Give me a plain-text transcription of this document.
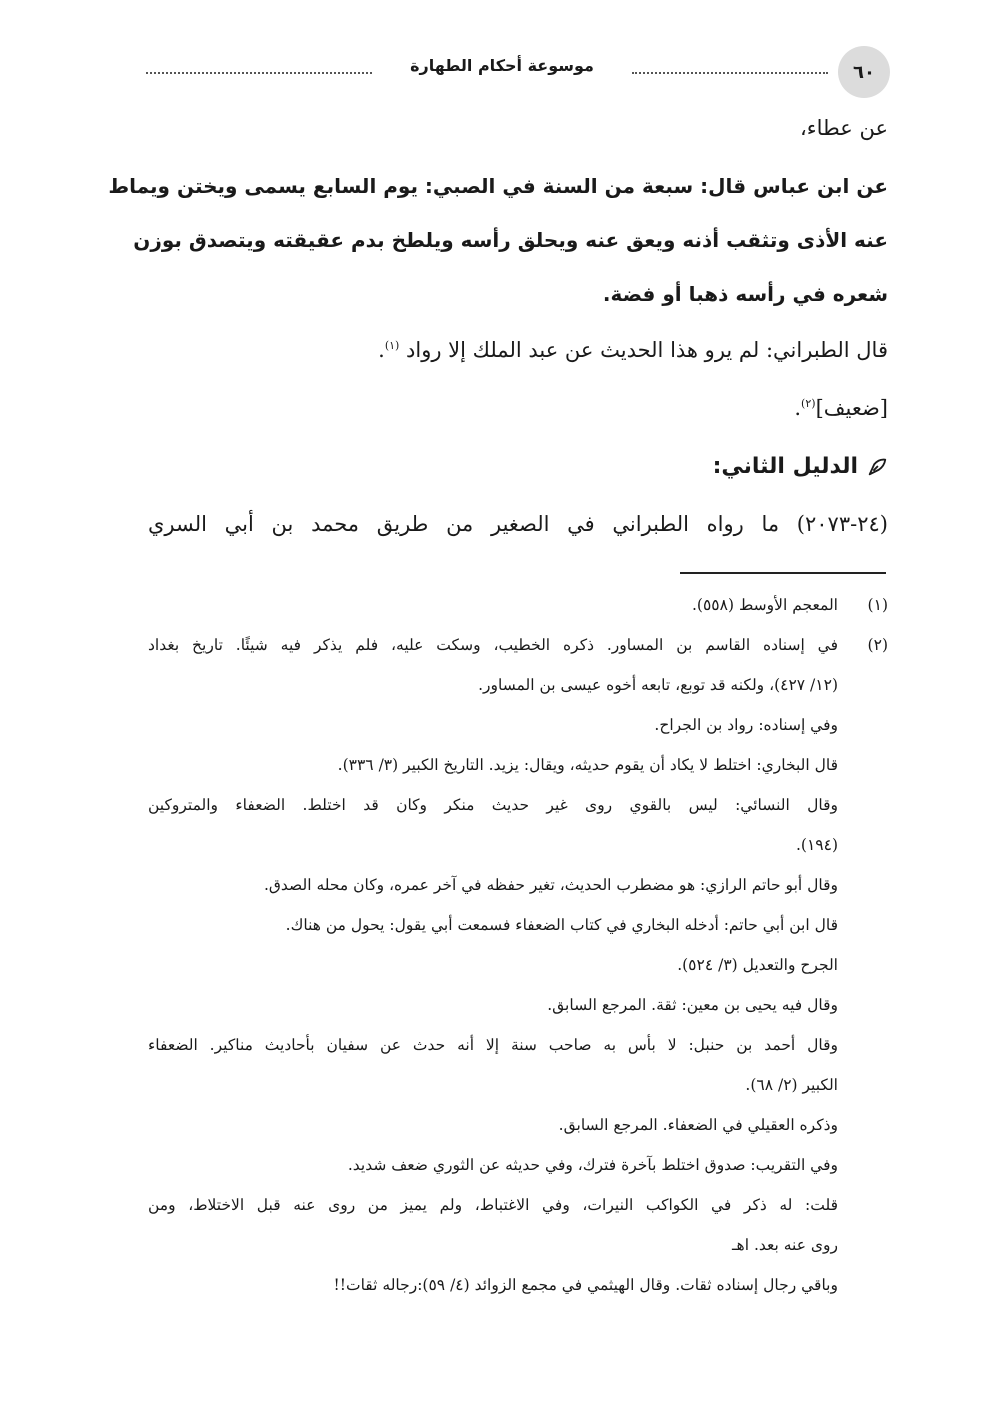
٦٠
موسوعة أحكام الطهارة
عن عطاء،
عن ابن عباس قال: سبعة من السنة في الصبي: يوم السابع يسمى ويختن ويماط
عنه الأذى وتثقب أذنه ويعق عنه ويحلق رأسه ويلطخ بدم عقيقته ويتصدق بوزن
شعره في رأسه ذهبا أو فضة.
قال الطبراني: لم يرو هذا الحديث عن عبد الملك إلا رواد $^{(١)}$.
[ضعيف]$^{(٢)}$.
الدليل الثاني:
(٢٤-٢٠٧٣) ما رواه الطبراني في الصغير من طريق محمد بن أبي السري
(١)
المعجم الأوسط (٥٥٨).
(٢)
في إسناده القاسم بن المساور. ذكره الخطيب، وسكت عليه، فلم يذكر فيه شيئًا. تاريخ بغداد
(١٢/ ٤٢٧)، ولكنه قد توبع، تابعه أخوه عيسى بن المساور.
وفي إسناده: رواد بن الجراح.
قال البخاري: اختلط لا يكاد أن يقوم حديثه، ويقال: يزيد. التاريخ الكبير (٣/ ٣٣٦).
وقال النسائي: ليس بالقوي روى غير حديث منكر وكان قد اختلط. الضعفاء والمتروكين
(١٩٤).
وقال أبو حاتم الرازي: هو مضطرب الحديث، تغير حفظه في آخر عمره، وكان محله الصدق.
قال ابن أبي حاتم: أدخله البخاري في كتاب الضعفاء فسمعت أبي يقول: يحول من هناك.
الجرح والتعديل (٣/ ٥٢٤).
وقال فيه يحيى بن معين: ثقة. المرجع السابق.
وقال أحمد بن حنبل: لا بأس به صاحب سنة إلا أنه حدث عن سفيان بأحاديث مناكير. الضعفاء
الكبير (٢/ ٦٨).
وذكره العقيلي في الضعفاء. المرجع السابق.
وفي التقريب: صدوق اختلط بآخرة فترك، وفي حديثه عن الثوري ضعف شديد.
قلت: له ذكر في الكواكب النيرات، وفي الاغتباط، ولم يميز من روى عنه قبل الاختلاط، ومن
روى عنه بعد. اهـ
وباقي رجال إسناده ثقات. وقال الهيثمي في مجمع الزوائد (٤/ ٥٩):رجاله ثقات!!
